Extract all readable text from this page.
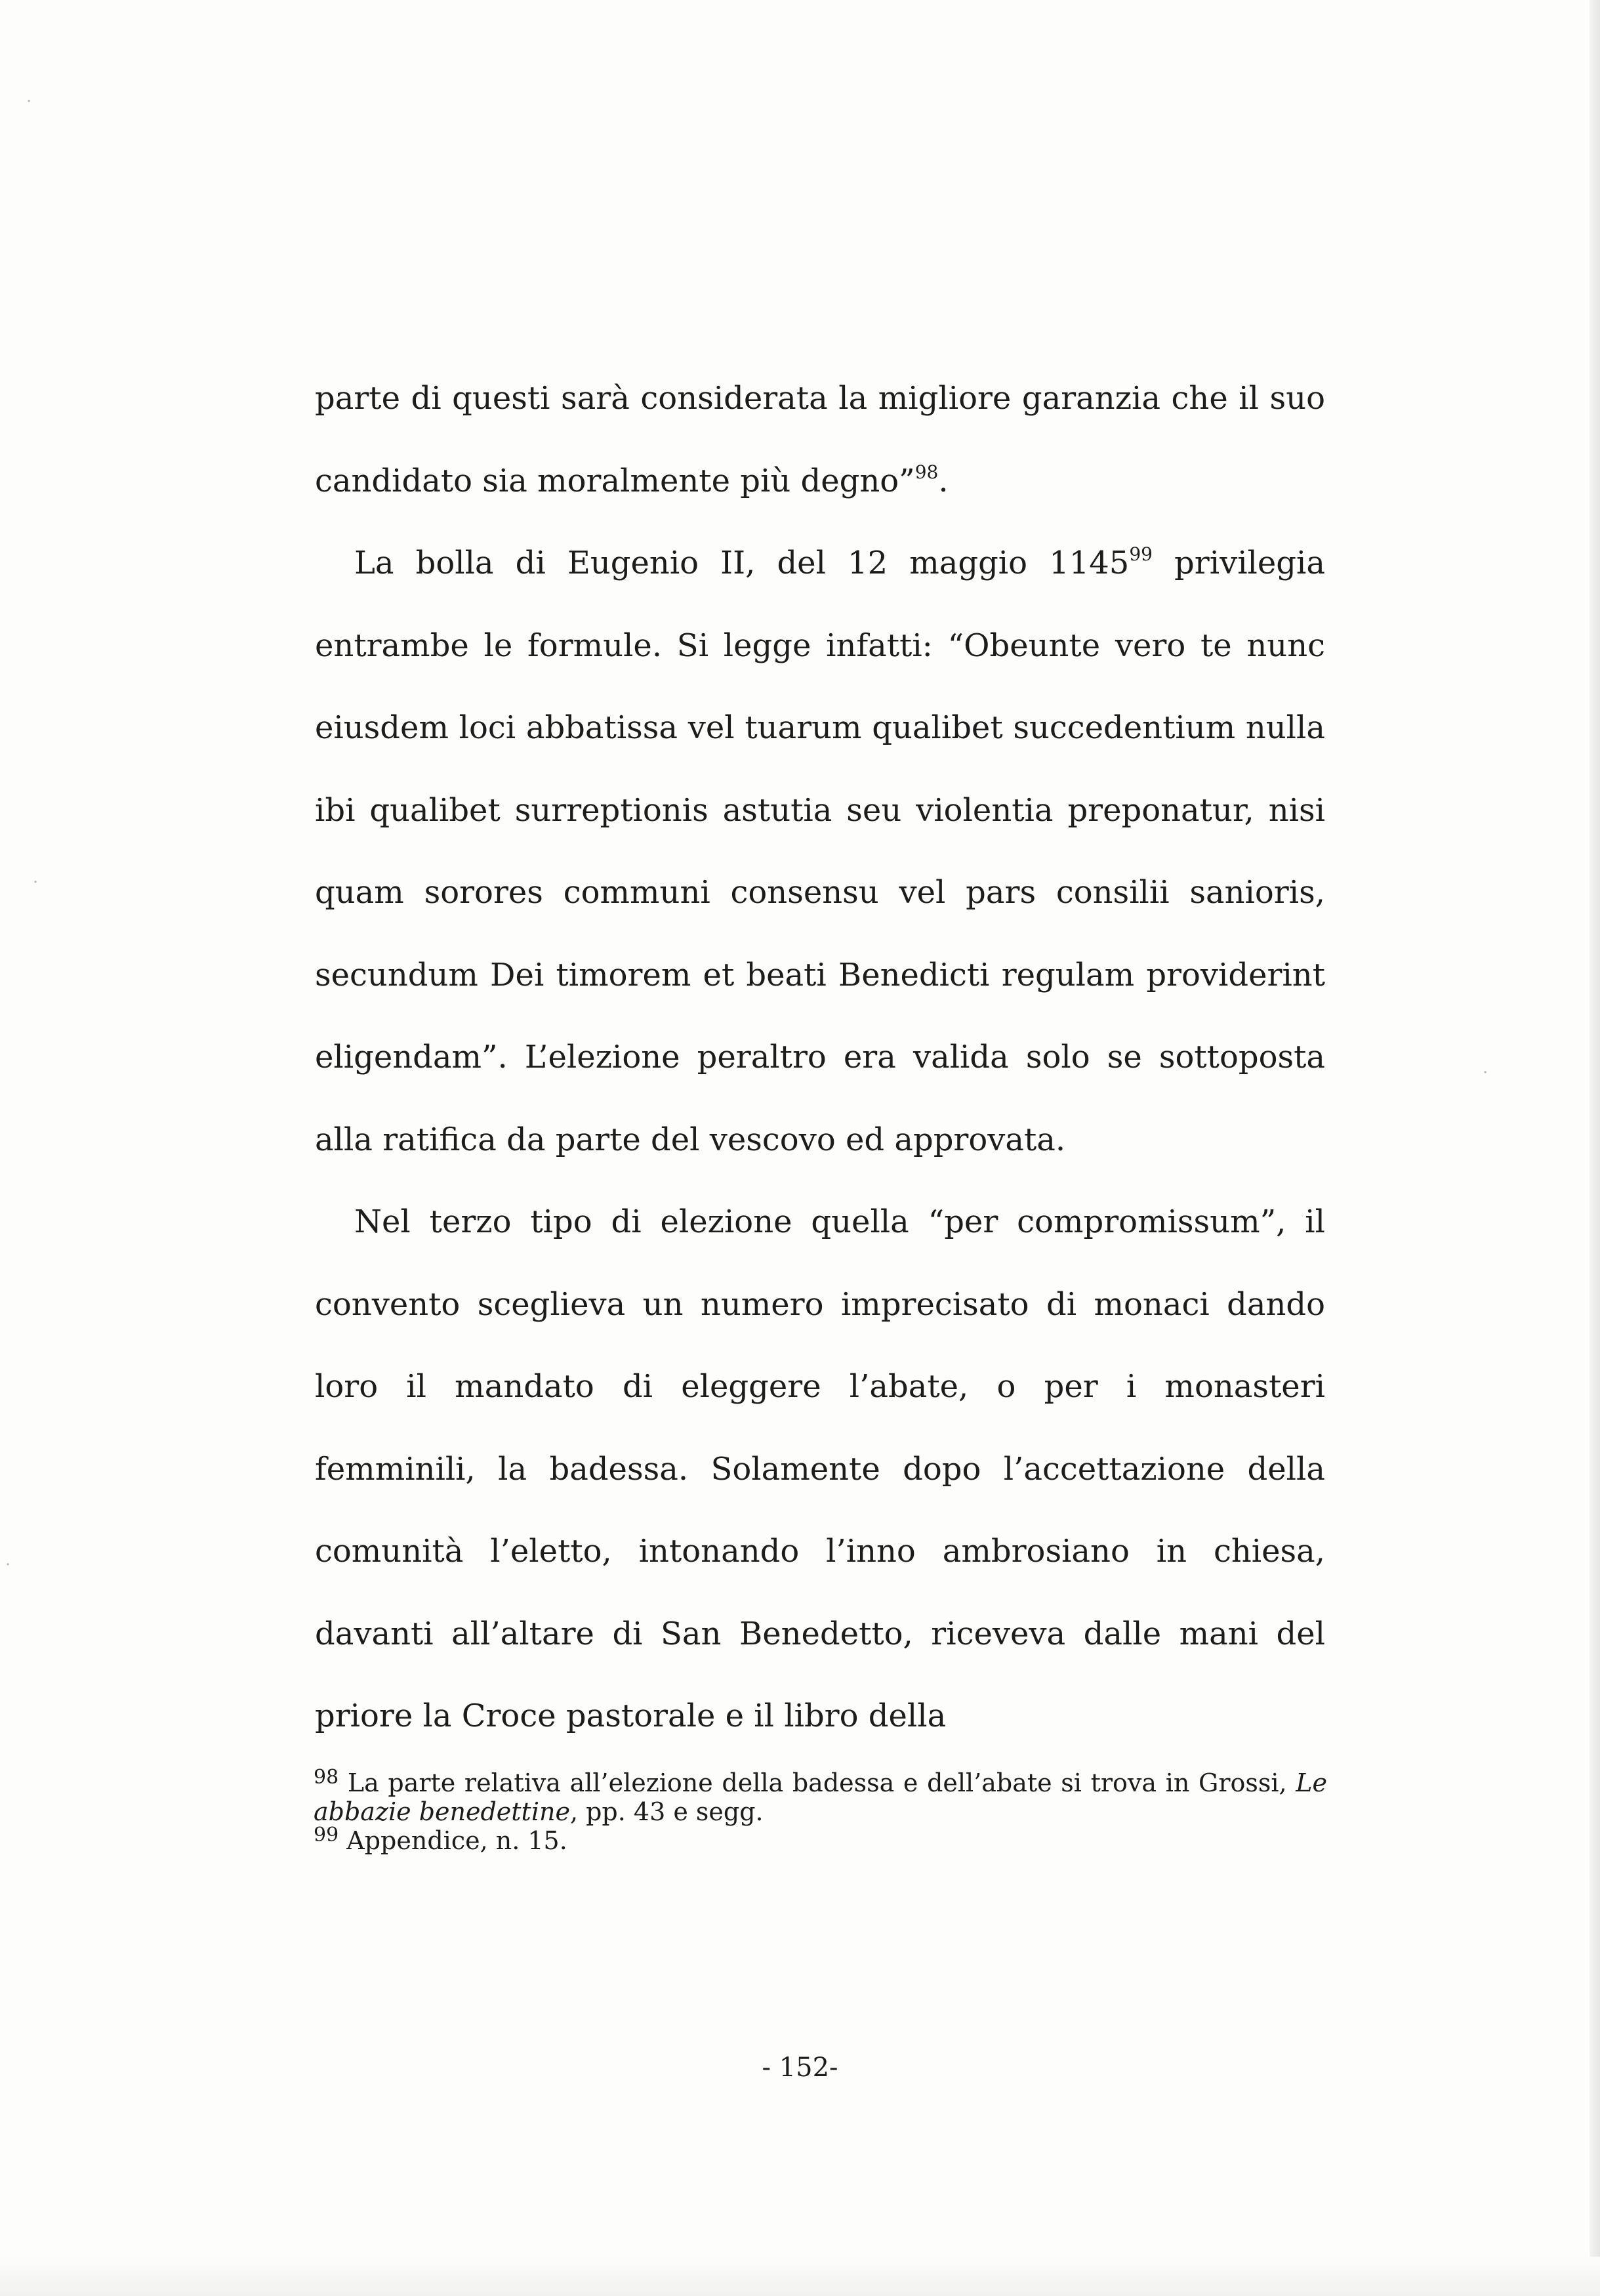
·
·
·
·

parte di questi sarà considerata la migliore garanzia che il suo candidato sia moralmente più degno”$^{98}$.

La bolla di Eugenio II, del 12 maggio 1145$^{99}$ privilegia entrambe le formule. Si legge infatti: “Obeunte vero te nunc eiusdem loci abbatissa vel tuarum qualibet succedentium nulla ibi qualibet surreptionis astutia seu violentia preponatur, nisi quam sorores communi consensu vel pars consilii sanioris, secundum Dei timorem et beati Benedicti regulam providerint eligendam”. L’elezione peraltro era valida solo se sottoposta alla ratifica da parte del vescovo ed approvata.

Nel terzo tipo di elezione quella “per compromissum”, il convento sceglieva un numero imprecisato di monaci dando loro il mandato di eleggere l’abate, o per i monasteri femminili, la badessa. Solamente dopo l’accettazione della comunità l’eletto, intonando l’inno ambrosiano in chiesa, davanti all’altare di San Benedetto, riceveva dalle mani del priore la Croce pastorale e il libro della

$^{98}$ La parte relativa all’elezione della badessa e dell’abate si trova in Grossi, Le abbazie benedettine, pp. 43 e segg.

$^{99}$ Appendice, n. 15.

- 152-
